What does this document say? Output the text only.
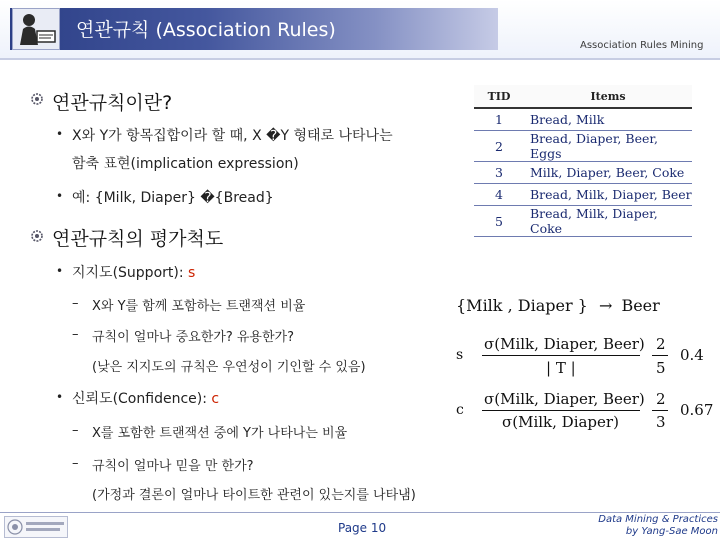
연관규칙 (Association Rules)
Association Rules Mining
연관규칙이란?
• X와 Y가 항목집합이라 할 때, X �Y 형태로 나타나는
함축 표현(implication expression)
• 예: {Milk, Diaper} �{Bread}
연관규칙의 평가척도
• 지지도(Support): s
– X와 Y를 함께 포함하는 트랜잭션 비율
– 규칙이 얼마나 중요한가? 유용한가?
(낮은 지지도의 규칙은 우연성이 기인할 수 있음)
• 신뢰도(Confidence): c
– X를 포함한 트랜잭션 중에 Y가 나타나는 비율
– 규칙이 얼마나 믿을 만 한가?
(가정과 결론이 얼마나 타이트한 관련이 있는지를 나타냄)
TID	Items
1	Bread, Milk
2	Bread, Diaper, Beer, Eggs
3	Milk, Diaper, Beer, Coke
4	Bread, Milk, Diaper, Beer
5	Bread, Milk, Diaper, Coke
{Milk , Diaper } → Beer
s
σ(Milk, Diaper, Beer)
| T |
2
5
0.4
c
σ(Milk, Diaper, Beer)
σ(Milk, Diaper)
2
3
0.67
Page 10
Data Mining & Practices
by Yang-Sae Moon
